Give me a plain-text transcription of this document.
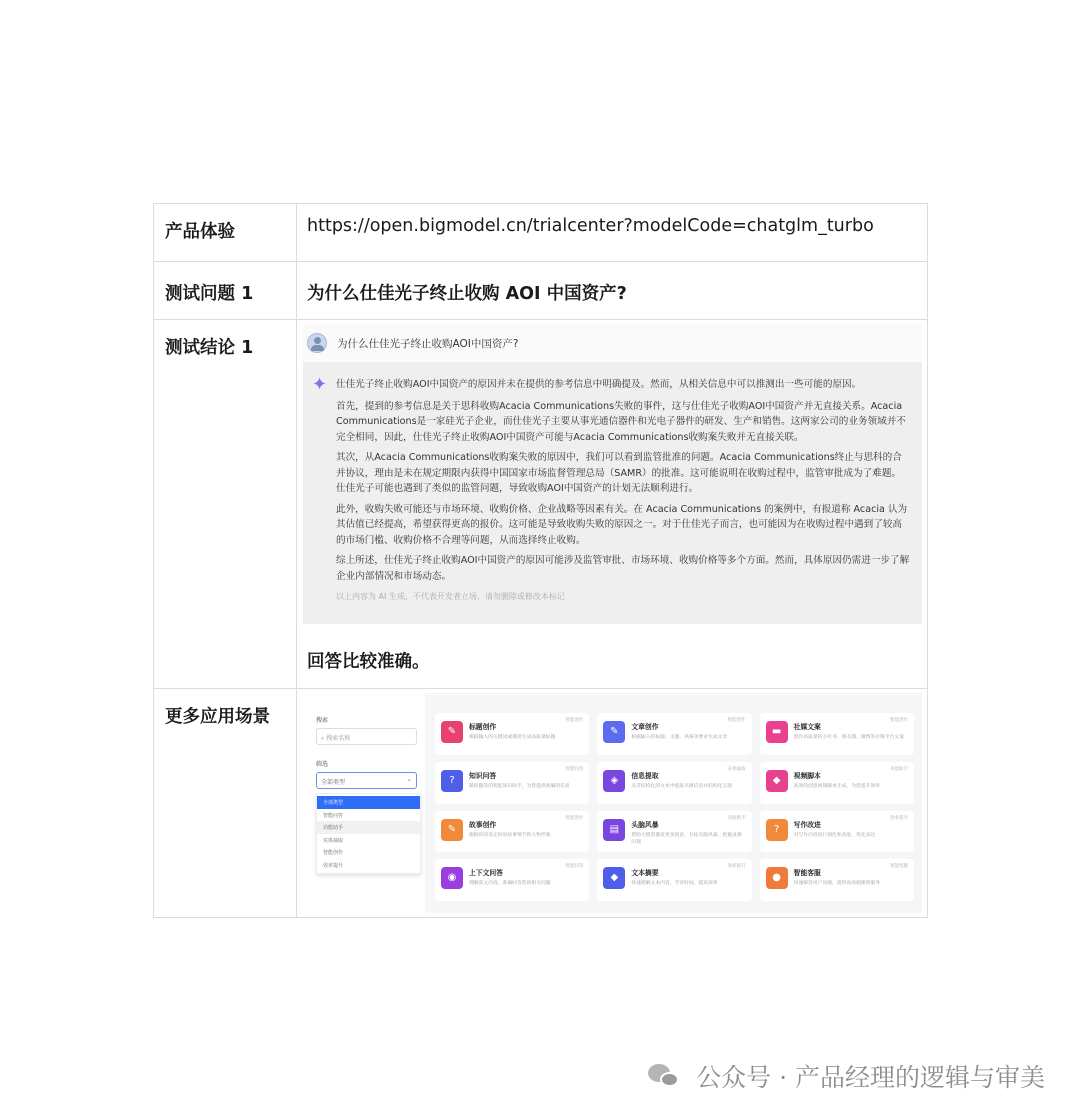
产品体验	https://open.bigmodel.cn/trialcenter?modelCode=chatglm_turbo
测试问题 1	为什么仕佳光子终止收购 AOI 中国资产?
测试结论 1	为什么仕佳光子终止收购AOI中国资产?
✦ 仕佳光子终止收购AOI中国资产的原因并未在提供的参考信息中明确提及。然而，从相关信息中可以推测出一些可能的原因。

首先，提到的参考信息是关于思科收购Acacia Communications失败的事件，这与仕佳光子收购AOI中国资产并无直接关系。Acacia Communications是一家硅光子企业，而仕佳光子主要从事光通信器件和光电子器件的研发、生产和销售。这两家公司的业务领域并不完全相同，因此，仕佳光子终止收购AOI中国资产可能与Acacia Communications收购案失败并无直接关联。

其次，从Acacia Communications收购案失败的原因中，我们可以看到监管批准的问题。Acacia Communications终止与思科的合并协议，理由是未在规定期限内获得中国国家市场监督管理总局（SAMR）的批准。这可能说明在收购过程中，监管审批成为了难题。仕佳光子可能也遇到了类似的监管问题，导致收购AOI中国资产的计划无法顺利进行。

此外，收购失败可能还与市场环境、收购价格、企业战略等因素有关。在 Acacia Communications 的案例中，有报道称 Acacia 认为其估值已经提高，希望获得更高的报价。这可能是导致收购失败的原因之一。对于仕佳光子而言，也可能因为在收购过程中遇到了较高的市场门槛、收购价格不合理等问题，从而选择终止收购。

综上所述，仕佳光子终止收购AOI中国资产的原因可能涉及监管审批、市场环境、收购价格等多个方面。然而，具体原因仍需进一步了解企业内部情况和市场动态。

以上内容为 AI 生成，不代表开发者立场，请勿删除或修改本标记
回答比较准确。
更多应用场景	搜索
⌕ 搜索名称
筛选
全部类型 ⌄
全部类型
智能问答
功能助手
实体抽取
智能创作
效率提升
✎	标题创作
根据输入的关键词或描述生成高质量标题
智能创作
✎	文章创作
根据输入的标题、主题、风格等要求生成文章
智能创作
▬	社媒文案
创作高质量的小红书、朋友圈、微博等社媒平台文案
智能创作
?	知识问答
随问随答的智能知识助手，为您提供准确的信息
智能问答
◈	信息提取
从非结构化的文本中提取关键信息并结构化呈现
实体抽取
◆	视频脚本
高效的创意视频脚本生成，为您提升效率
功能助手
✎	故事创作
根据你的设定构思故事情节和人物形象
智能创作
▤	头脑风暴
帮助大模型激发更多创意，开拓头脑风暴，把握灵感闪现
功能助手
?	写作改进
对写作内容进行润色和改进，优化表达
效率提升
◉	上下文问答
理解前文内容，准确回答您的相关问题
智能问答
◆	文本摘要
快速理解文本内容，节省时间，提高效率
效率提升
●	智能客服
快速解答用户问题，提供高效便捷的服务
智能客服
公众号 · 产品经理的逻辑与审美
